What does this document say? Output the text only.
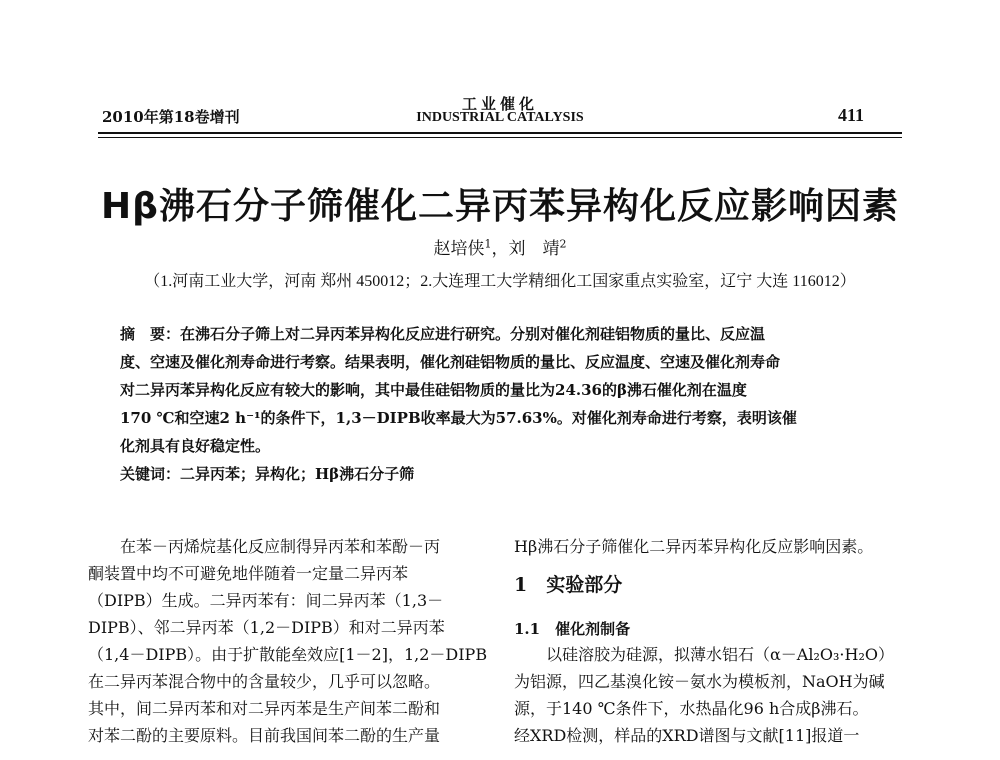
2010年第18卷增刊
工业催化
INDUSTRIAL CATALYSIS	411
Hβ沸石分子筛催化二异丙苯异构化反应影响因素
赵培侠$^1$，刘　靖$^2$
（1.河南工业大学，河南 郑州 450012；2.大连理工大学精细化工国家重点实验室，辽宁 大连 116012）
摘　要：在沸石分子筛上对二异丙苯异构化反应进行研究。分别对催化剂硅铝物质的量比、反应温
度、空速及催化剂寿命进行考察。结果表明，催化剂硅铝物质的量比、反应温度、空速及催化剂寿命
对二异丙苯异构化反应有较大的影响，其中最佳硅铝物质的量比为24.36的β沸石催化剂在温度
170 ℃和空速2 h⁻¹的条件下，1,3－DIPB收率最大为57.63%。对催化剂寿命进行考察，表明该催
化剂具有良好稳定性。
关键词：二异丙苯；异构化；Hβ沸石分子筛
　　在苯－丙烯烷基化反应制得异丙苯和苯酚－丙
酮装置中均不可避免地伴随着一定量二异丙苯
（DIPB）生成。二异丙苯有：间二异丙苯（1,3－
DIPB）、邻二异丙苯（1,2－DIPB）和对二异丙苯
（1,4－DIPB）。由于扩散能垒效应[1－2]，1,2－DIPB
在二异丙苯混合物中的含量较少，几乎可以忽略。
其中，间二异丙苯和对二异丙苯是生产间苯二酚和
对苯二酚的主要原料。目前我国间苯二酚的生产量
Hβ沸石分子筛催化二异丙苯异构化反应影响因素。
1　实验部分
1.1　催化剂制备
　　以硅溶胶为硅源，拟薄水铝石（α－Al₂O₃·H₂O）
为铝源，四乙基溴化铵－氨水为模板剂，NaOH为碱
源，于140 ℃条件下，水热晶化96 h合成β沸石。
经XRD检测，样品的XRD谱图与文献[11]报道一
